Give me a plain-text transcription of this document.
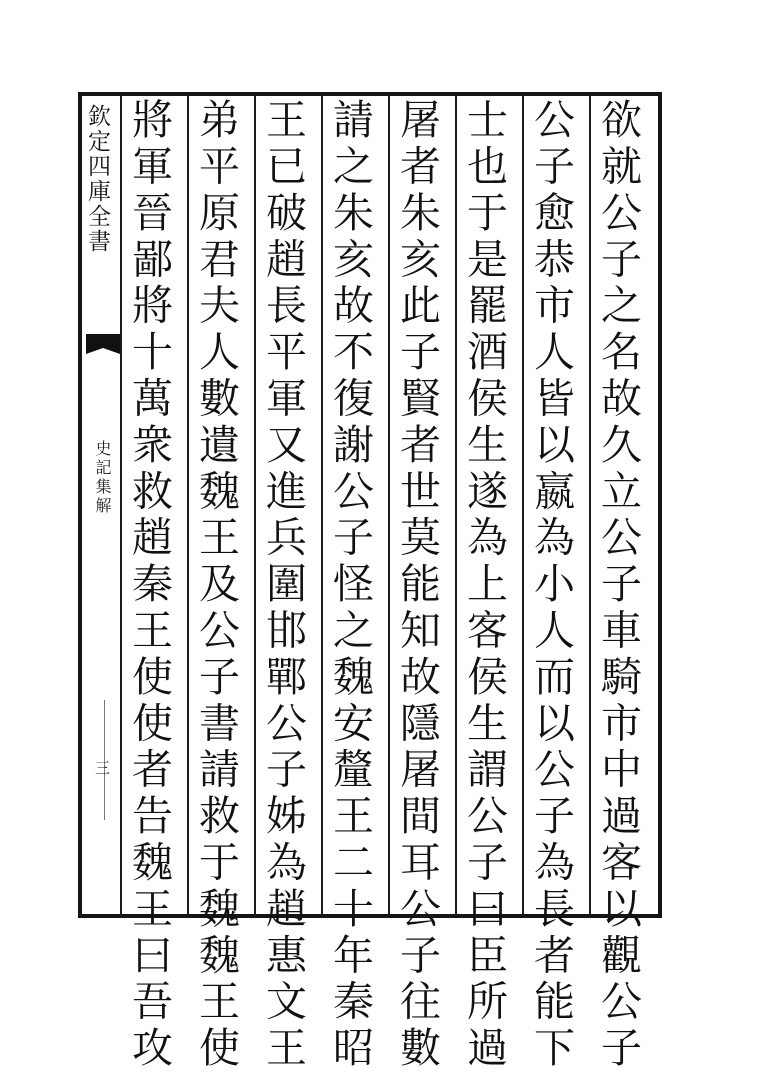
欽定四庫全書
史記集解
三	欲就公子之名故久立公子車騎市中過客以觀公子
公子愈恭市人皆以嬴為小人而以公子為長者能下
士也于是罷酒侯生遂為上客侯生謂公子曰臣所過
屠者朱亥此子賢者世莫能知故隱屠間耳公子往數
請之朱亥故不復謝公子怪之魏安釐王二十年秦昭
王已破趙長平軍又進兵圍邯鄲公子姊為趙惠文王
弟平原君夫人數遺魏王及公子書請救于魏魏王使
將軍晉鄙將十萬衆救趙秦王使使者告魏王曰吾攻
